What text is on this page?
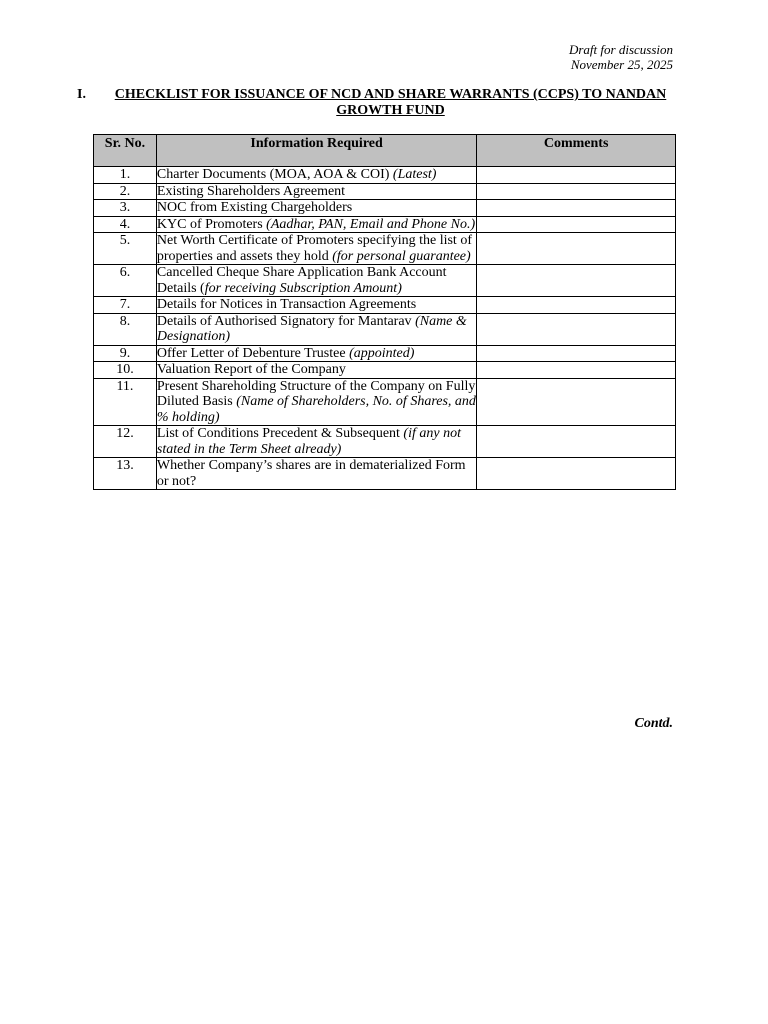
Draft for discussion
November 25, 2025
I.	CHECKLIST FOR ISSUANCE OF NCD AND SHARE WARRANTS (CCPS) TO NANDAN GROWTH FUND
Sr. No.	Information Required	Comments
1.	Charter Documents (MOA, AOA & COI) (Latest)	
2.	Existing Shareholders Agreement	
3.	NOC from Existing Chargeholders	
4.	KYC of Promoters (Aadhar, PAN, Email and Phone No.)	
5.	Net Worth Certificate of Promoters specifying the list of properties and assets they hold (for personal guarantee)	
6.	Cancelled Cheque Share Application Bank Account Details (for receiving Subscription Amount)	
7.	Details for Notices in Transaction Agreements	
8.	Details of Authorised Signatory for Mantarav (Name & Designation)	
9.	Offer Letter of Debenture Trustee (appointed)	
10.	Valuation Report of the Company	
11.	Present Shareholding Structure of the Company on Fully Diluted Basis (Name of Shareholders, No. of Shares, and % holding)	
12.	List of Conditions Precedent & Subsequent (if any not stated in the Term Sheet already)	
13.	Whether Company’s shares are in dematerialized Form or not?	
Contd.
